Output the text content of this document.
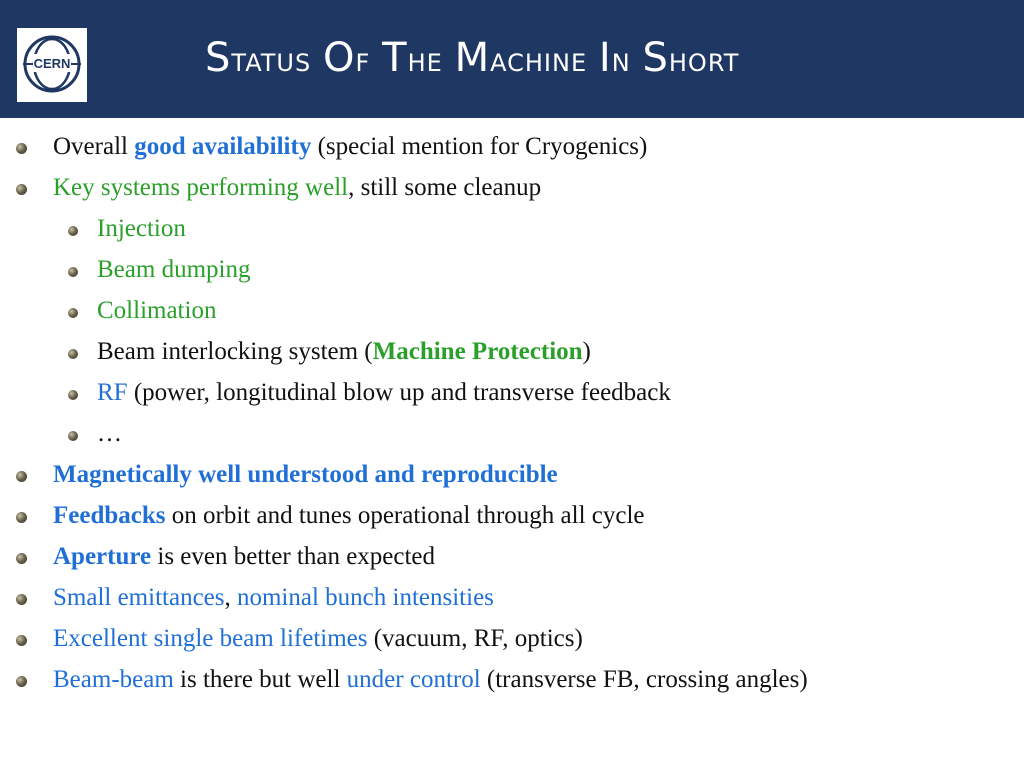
CERN	Status Of The Machine In Short
Overall good availability (special mention for Cryogenics)
Key systems performing well, still some cleanup
Injection
Beam dumping
Collimation
Beam interlocking system (Machine Protection)
RF (power, longitudinal blow up and transverse feedback
…
Magnetically well understood and reproducible
Feedbacks on orbit and tunes operational through all cycle
Aperture is even better than expected
Small emittances, nominal bunch intensities
Excellent single beam lifetimes (vacuum, RF, optics)
Beam-beam is there but well under control (transverse FB, crossing angles)
